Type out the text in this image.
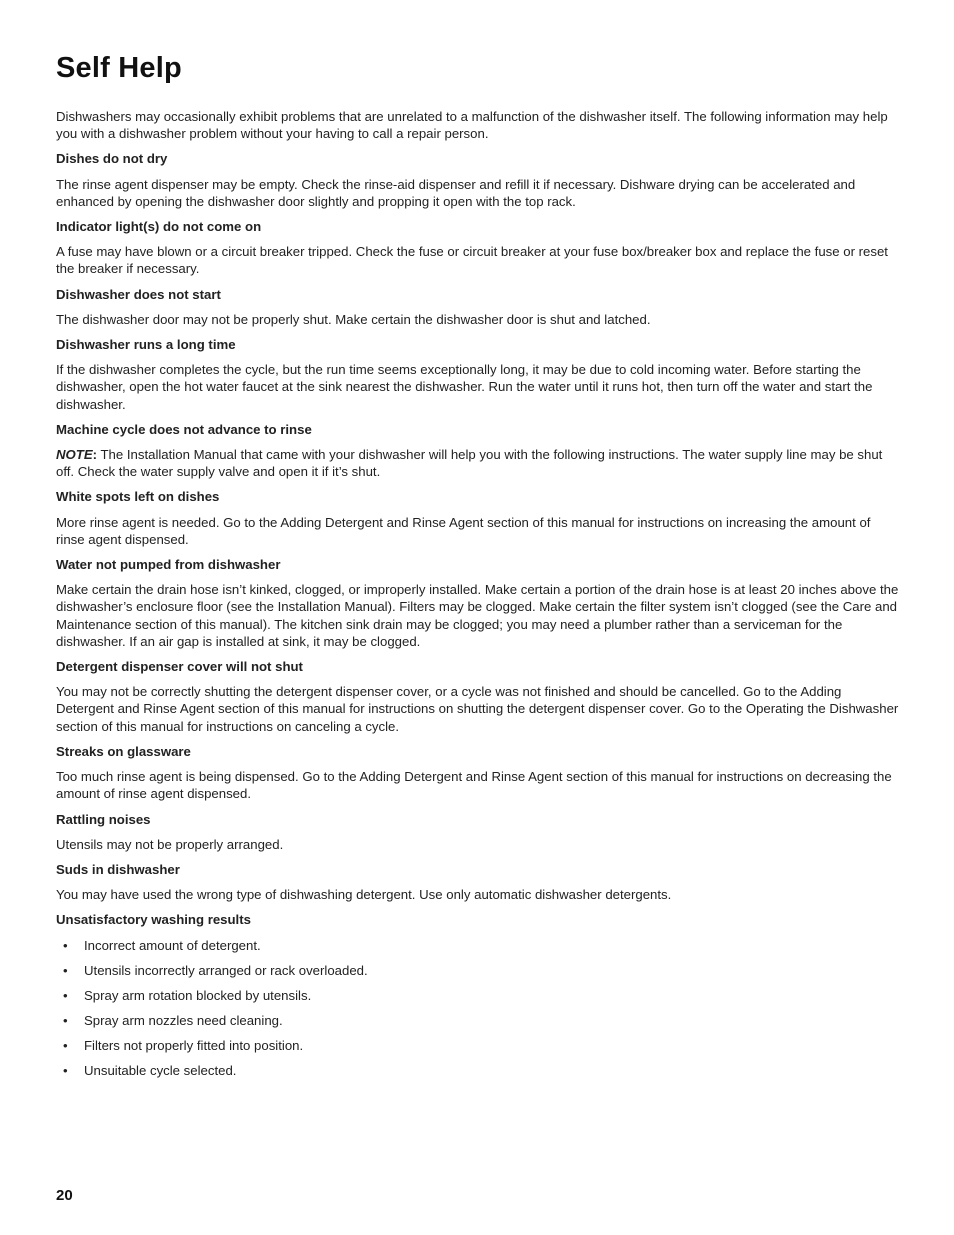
Self Help

Dishwashers may occasionally exhibit problems that are unrelated to a malfunction of the dishwasher itself. The following information may help you with a dishwasher problem without your having to call a repair person.

Dishes do not dry

The rinse agent dispenser may be empty. Check the rinse-aid dispenser and refill it if necessary. Dishware drying can be accelerated and enhanced by opening the dishwasher door slightly and propping it open with the top rack.

Indicator light(s) do not come on

A fuse may have blown or a circuit breaker tripped. Check the fuse or circuit breaker at your fuse box/breaker box and replace the fuse or reset the breaker if necessary.

Dishwasher does not start

The dishwasher door may not be properly shut. Make certain the dishwasher door is shut and latched.

Dishwasher runs a long time

If the dishwasher completes the cycle, but the run time seems exceptionally long, it may be due to cold incoming water. Before starting the dishwasher, open the hot water faucet at the sink nearest the dishwasher. Run the water until it runs hot, then turn off the water and start the dishwasher.

Machine cycle does not advance to rinse

NOTE: The Installation Manual that came with your dishwasher will help you with the following instructions. The water supply line may be shut off. Check the water supply valve and open it if it’s shut.

White spots left on dishes

More rinse agent is needed. Go to the Adding Detergent and Rinse Agent section of this manual for instructions on increasing the amount of rinse agent dispensed.

Water not pumped from dishwasher

Make certain the drain hose isn’t kinked, clogged, or improperly installed. Make certain a portion of the drain hose is at least 20 inches above the dishwasher’s enclosure floor (see the Installation Manual). Filters may be clogged. Make certain the filter system isn’t clogged (see the Care and Maintenance section of this manual). The kitchen sink drain may be clogged; you may need a plumber rather than a serviceman for the dishwasher. If an air gap is installed at sink, it may be clogged.

Detergent dispenser cover will not shut

You may not be correctly shutting the detergent dispenser cover, or a cycle was not finished and should be cancelled. Go to the Adding Detergent and Rinse Agent section of this manual for instructions on shutting the detergent dispenser cover. Go to the Operating the Dishwasher section of this manual for instructions on canceling a cycle.

Streaks on glassware

Too much rinse agent is being dispensed. Go to the Adding Detergent and Rinse Agent section of this manual for instructions on decreasing the amount of rinse agent dispensed.

Rattling noises

Utensils may not be properly arranged.

Suds in dishwasher

You may have used the wrong type of dishwashing detergent. Use only automatic dishwasher detergents.

Unsatisfactory washing results

• Incorrect amount of detergent.
• Utensils incorrectly arranged or rack overloaded.
• Spray arm rotation blocked by utensils.
• Spray arm nozzles need cleaning.
• Filters not properly fitted into position.
• Unsuitable cycle selected.
20
